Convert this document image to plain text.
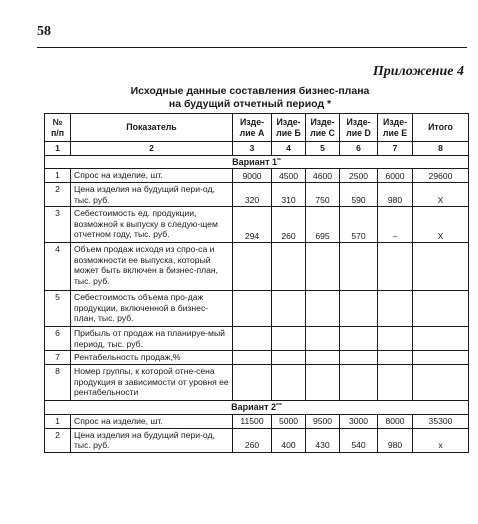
58
Приложение 4
Исходные данные составления бизнес-плана
на будущий отчетный период *
№ п/п	Показатель	Изде-лие А	Изде-лие Б	Изде-лие С	Изде-лие D	Изде-лие Е	Итого
1	2	3	4	5	6	7	8
Вариант 1**
1	Спрос на изделие, шт.	9000	4500	4600	2500	6000	29600
2	Цена изделия на будущий пери-од, тыс. руб.	320	310	750	590	980	Х
3	Себестоимость ед. продукции, возможной к выпуску в следую-щем отчетном году, тыс. руб.	294	260	695	570	–	Х
4	Объем продаж исходя из спро-са и возможности ее выпуска, который может быть включен в бизнес-план, тыс. руб.						
5	Себестоимость объема про-даж продукции, включенной в бизнес-план, тыс. руб.						
6	Прибыль от продаж на планируе-мый период, тыс. руб.						
7	Рентабельность продаж,%						
8	Номер группы, к которой отне-сена продукция в зависимости от уровня ее рентабельности						
Вариант 2***
1	Спрос на изделие, шт.	11500	5000	9500	3000	8000	35300
2	Цена изделия на будущий пери-од, тыс. руб.	260	400	430	540	980	х
